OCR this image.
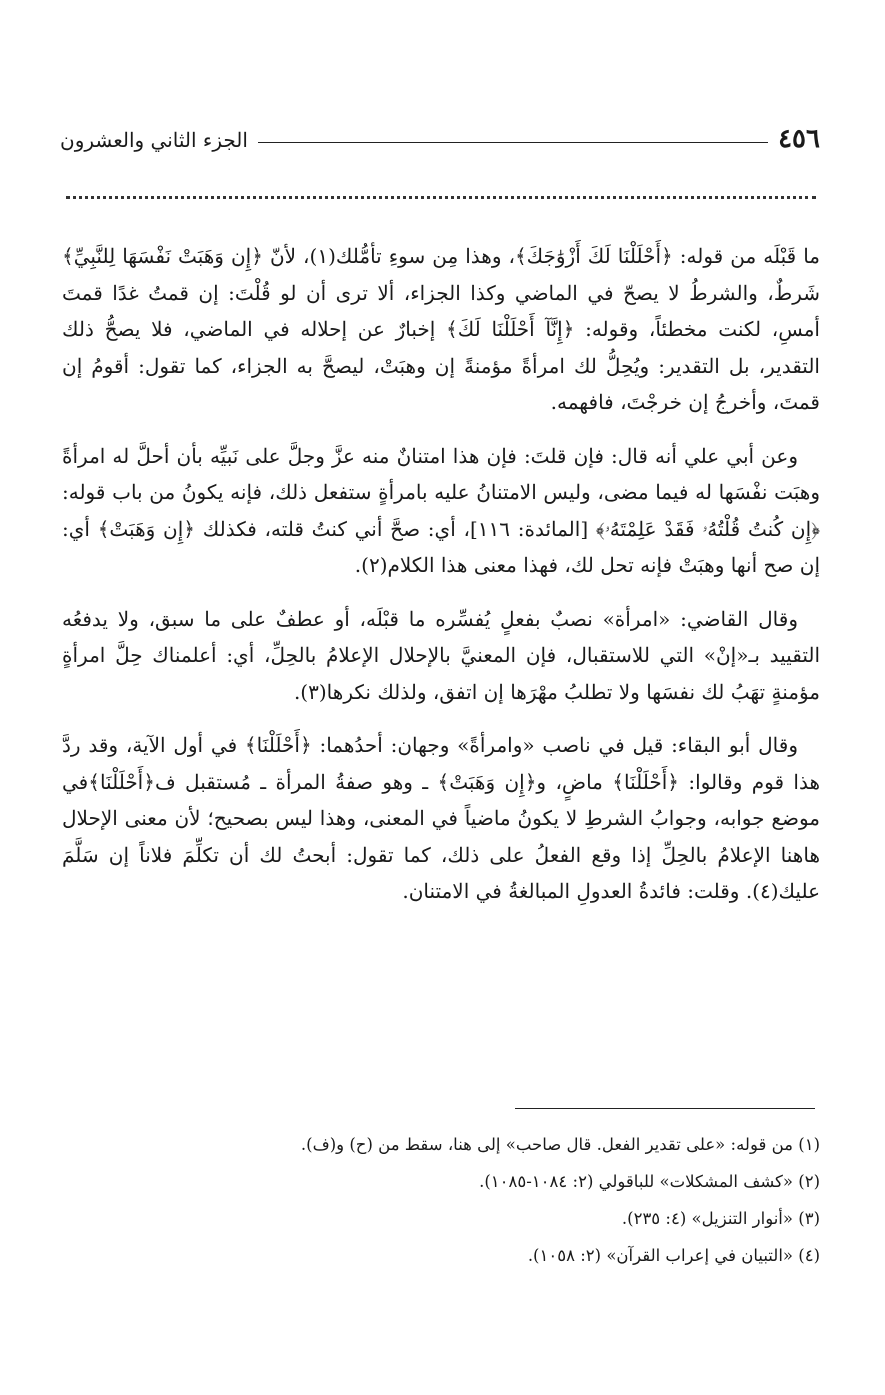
٤٥٦
الجزء الثاني والعشرون

ما قَبْلَه من قوله: ﴿أَحْلَلْنَا لَكَ أَزْوَٰجَكَ﴾، وهذا مِن سوءِ تأمُّلك(١)، لأنّ ﴿إِن وَهَبَتْ نَفْسَهَا لِلنَّبِيِّ﴾ شَرطٌ، والشرطُ لا يصحّ في الماضي وكذا الجزاء، ألا ترى أن لو قُلْتَ: إن قمتُ غدًا قمتَ أمسِ، لكنت مخطئاً، وقوله: ﴿إِنَّآ أَحْلَلْنَا لَكَ﴾ إخبارٌ عن إحلاله في الماضي، فلا يصحُّ ذلك التقدير، بل التقدير: ويُحِلُّ لك امرأةً مؤمنةً إن وهبَتْ، ليصحَّ به الجزاء، كما تقول: أقومُ إن قمتَ، وأخرجُ إن خرجْتَ، فافهمه.

وعن أبي علي أنه قال: فإن قلتَ: فإن هذا امتنانٌ منه عزَّ وجلَّ على نَبيِّه بأن أحلَّ له امرأةً وهبَت نفْسَها له فيما مضى، وليس الامتنانُ عليه بامرأةٍ ستفعل ذلك، فإنه يكونُ من باب قوله: ﴿إِن كُنتُ قُلْتُهُۥ فَقَدْ عَلِمْتَهُۥ﴾ [المائدة: ١١٦]، أي: صحَّ أني كنتُ قلته، فكذلك ﴿إِن وَهَبَتْ﴾ أي: إن صح أنها وهبَتْ فإنه تحل لك، فهذا معنى هذا الكلام(٢).

وقال القاضي: «امرأة» نصبٌ بفعلٍ يُفسِّره ما قبْلَه، أو عطفٌ على ما سبق، ولا يدفعُه التقييد بـ«إنْ» التي للاستقبال، فإن المعنيَّ بالإحلال الإعلامُ بالحِلِّ، أي: أعلمناك حِلَّ امرأةٍ مؤمنةٍ تهَبُ لك نفسَها ولا تطلبُ مهْرَها إن اتفق، ولذلك نكرها(٣).

وقال أبو البقاء: قيل في ناصب «وامرأةً» وجهان: أحدُهما: ﴿أَحْلَلْنَا﴾ في أول الآية، وقد ردَّ هذا قوم وقالوا: ﴿أَحْلَلْنَا﴾ ماضٍ، و﴿إِن وَهَبَتْ﴾ ـ وهو صفةُ المرأة ـ مُستقبل ف﴿أَحْلَلْنَا﴾في موضع جوابه، وجوابُ الشرطِ لا يكونُ ماضياً في المعنى، وهذا ليس بصحيح؛ لأن معنى الإحلال هاهنا الإعلامُ بالحِلِّ إذا وقع الفعلُ على ذلك، كما تقول: أبحتُ لك أن تكلِّمَ فلاناً إن سَلَّمَ عليك(٤). وقلت: فائدةُ العدولِ المبالغةُ في الامتنان.

(١) من قوله: «على تقدير الفعل. قال صاحب» إلى هنا، سقط من (ح) و(ف).
(٢) «كشف المشكلات» للباقولي (٢: ١٠٨٤-١٠٨٥).
(٣) «أنوار التنزيل» (٤: ٢٣٥).
(٤) «التبيان في إعراب القرآن» (٢: ١٠٥٨).
